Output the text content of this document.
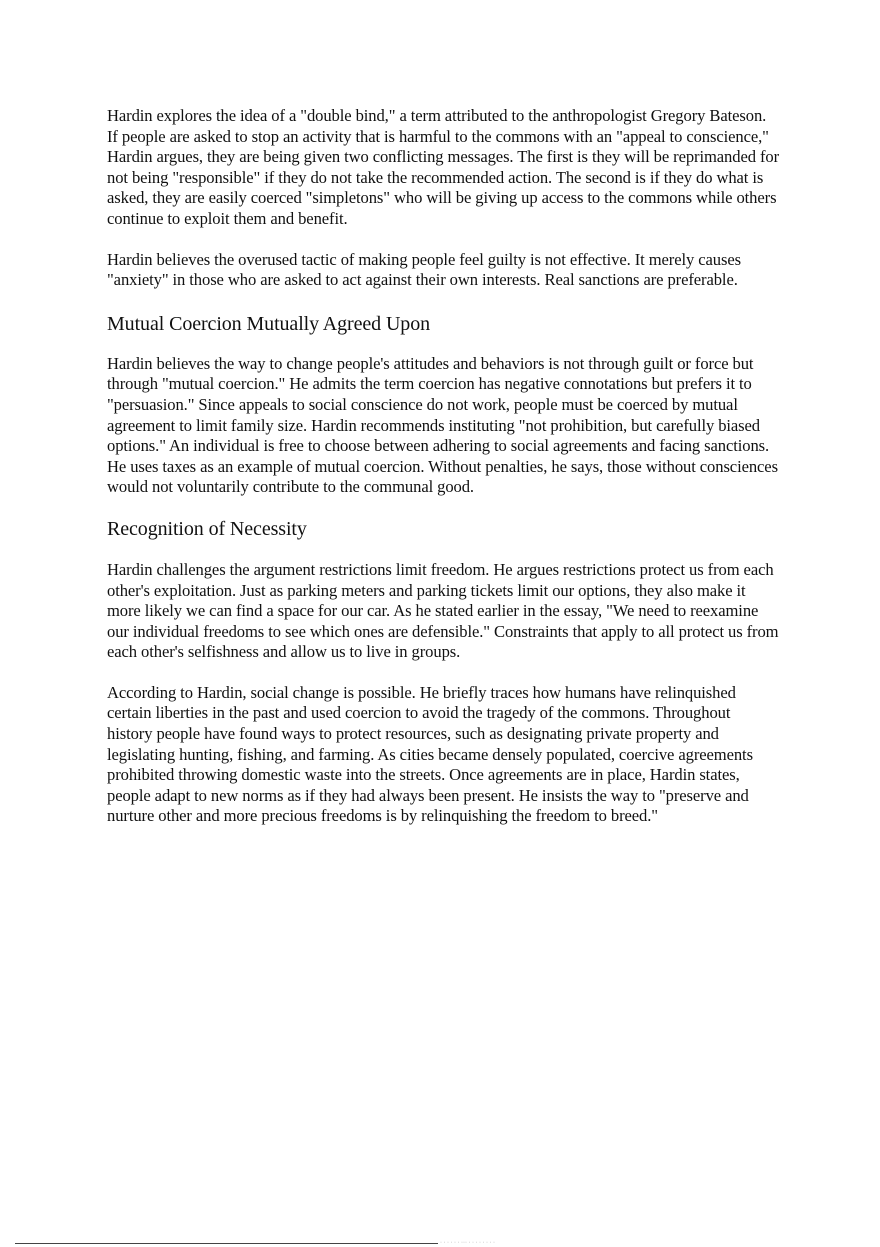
Hardin explores the idea of a "double bind," a term attributed to the anthropologist Gregory Bateson. If people are asked to stop an activity that is harmful to the commons with an "appeal to conscience," Hardin argues, they are being given two conflicting messages. The first is they will be reprimanded for not being "responsible" if they do not take the recommended action. The second is if they do what is asked, they are easily coerced "simpletons" who will be giving up access to the commons while others continue to exploit them and benefit.

Hardin believes the overused tactic of making people feel guilty is not effective. It merely causes "anxiety" in those who are asked to act against their own interests. Real sanctions are preferable.

Mutual Coercion Mutually Agreed Upon

Hardin believes the way to change people's attitudes and behaviors is not through guilt or force but through "mutual coercion." He admits the term coercion has negative connotations but prefers it to "persuasion." Since appeals to social conscience do not work, people must be coerced by mutual agreement to limit family size. Hardin recommends instituting "not prohibition, but carefully biased options." An individual is free to choose between adhering to social agreements and facing sanctions. He uses taxes as an example of mutual coercion. Without penalties, he says, those without consciences would not voluntarily contribute to the communal good.

Recognition of Necessity

Hardin challenges the argument restrictions limit freedom. He argues restrictions protect us from each other's exploitation. Just as parking meters and parking tickets limit our options, they also make it more likely we can find a space for our car. As he stated earlier in the essay, "We need to reexamine our individual freedoms to see which ones are defensible." Constraints that apply to all protect us from each other's selfishness and allow us to live in groups.

According to Hardin, social change is possible. He briefly traces how humans have relinquished certain liberties in the past and used coercion to avoid the tragedy of the commons. Throughout history people have found ways to protect resources, such as designating private property and legislating hunting, fishing, and farming. As cities became densely populated, coercive agreements prohibited throwing domestic waste into the streets. Once agreements are in place, Hardin states, people adapt to new norms as if they had always been present. He insists the way to "preserve and nurture other and more precious freedoms is by relinquishing the freedom to breed."

· · · · · · ··· · · · · · · · ·
